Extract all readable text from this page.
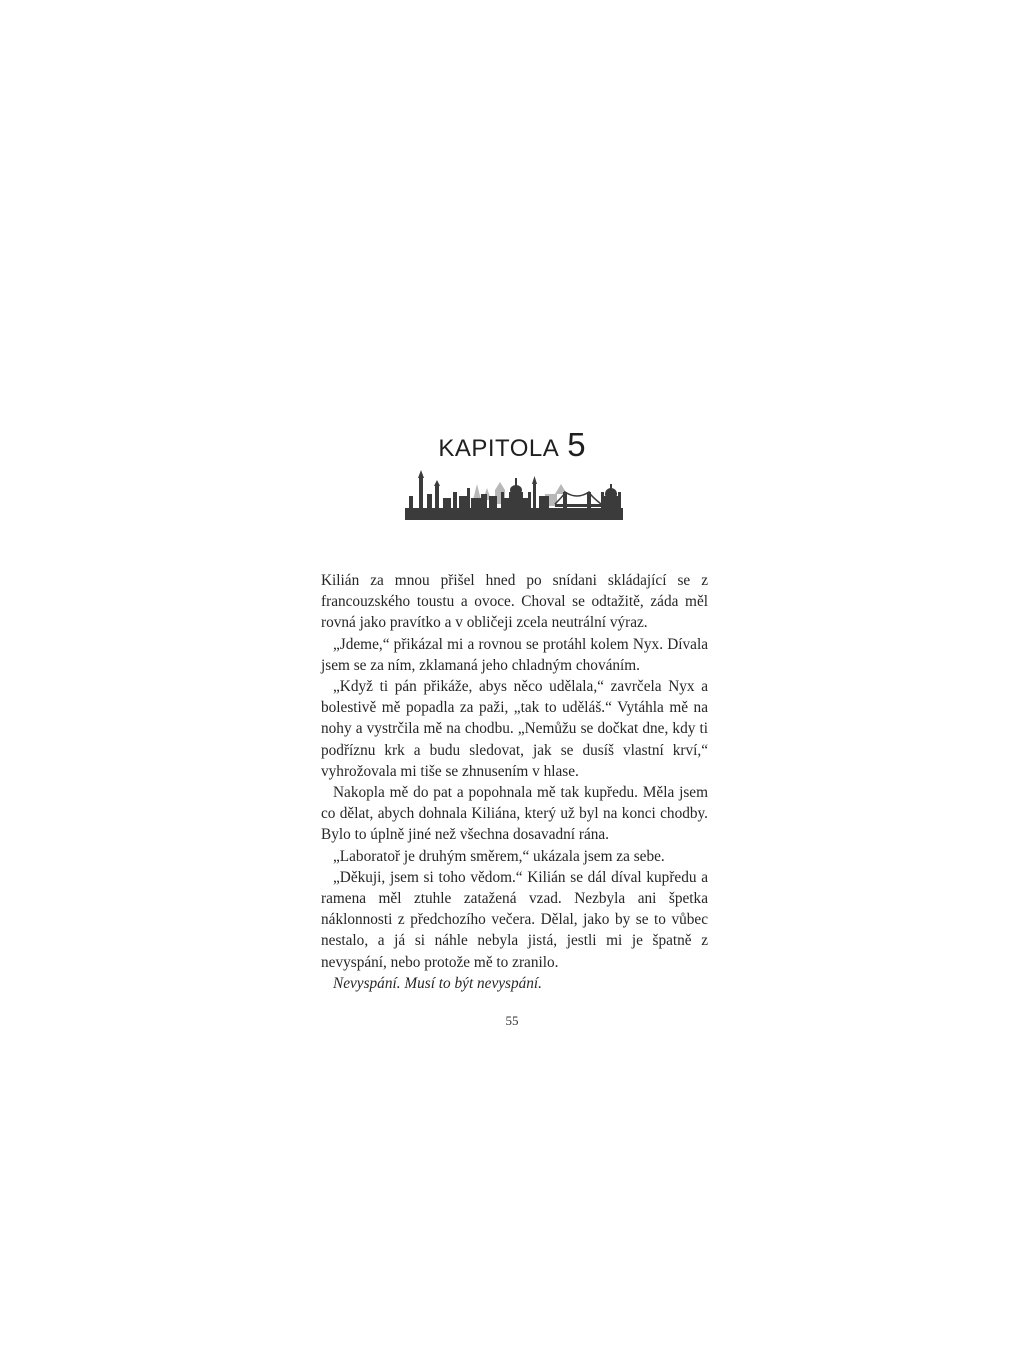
KAPITOLA 5

Kilián za mnou přišel hned po snídani skládající se z francouzského toustu a ovoce. Choval se odtažitě, záda měl rovná jako pravítko a v obličeji zcela neutrální výraz.

„Jdeme,“ přikázal mi a rovnou se protáhl kolem Nyx. Dívala jsem se za ním, zklamaná jeho chladným chováním.

„Když ti pán přikáže, abys něco udělala,“ zavrčela Nyx a bolestivě mě popadla za paži, „tak to uděláš.“ Vytáhla mě na nohy a vystrčila mě na chodbu. „Nemůžu se dočkat dne, kdy ti podříznu krk a budu sledovat, jak se dusíš vlastní krví,“ vyhrožovala mi tiše se zhnusením v hlase.

Nakopla mě do pat a popohnala mě tak kupředu. Měla jsem co dělat, abych dohnala Kiliána, který už byl na konci chodby. Bylo to úplně jiné než všechna dosavadní rána.

„Laboratoř je druhým směrem,“ ukázala jsem za sebe.

„Děkuji, jsem si toho vědom.“ Kilián se dál díval kupředu a ramena měl ztuhle zatažená vzad. Nezbyla ani špetka náklonnosti z předchozího večera. Dělal, jako by se to vůbec nestalo, a já si náhle nebyla jistá, jestli mi je špatně z nevyspání, nebo protože mě to zranilo.

Nevyspání. Musí to být nevyspání.

55
